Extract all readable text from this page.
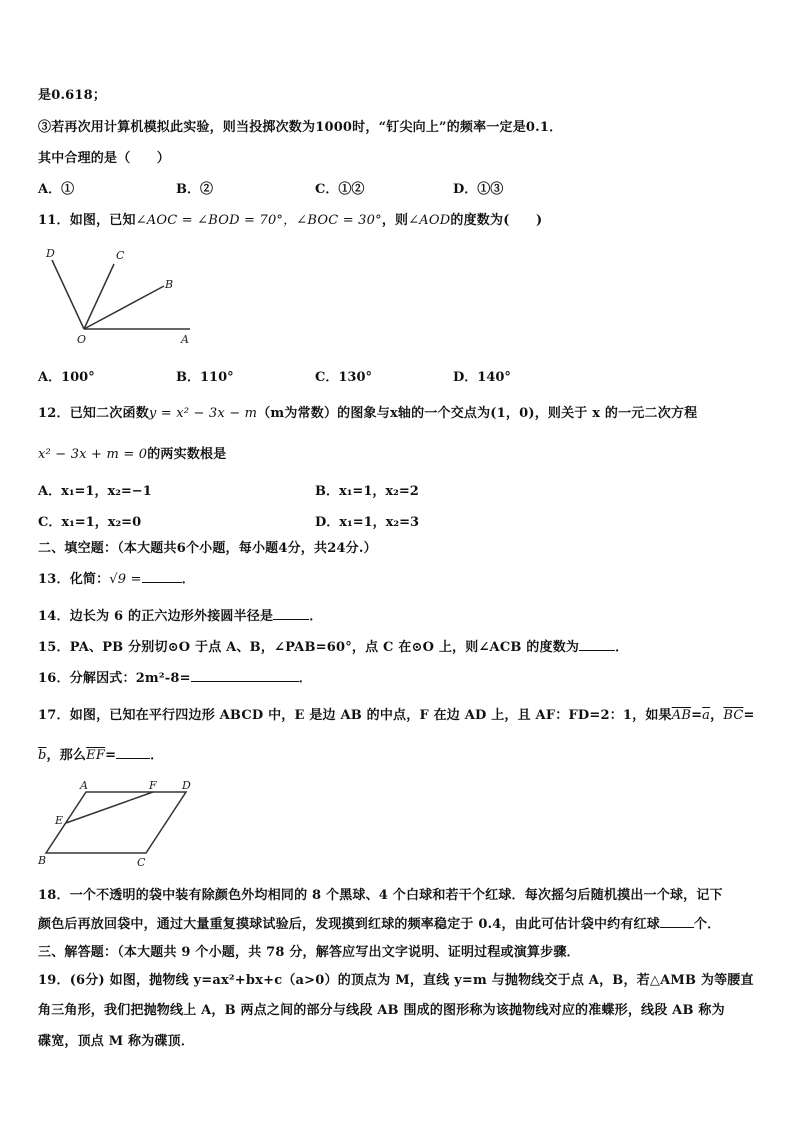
是0.618；
③若再次用计算机模拟此实验，则当投掷次数为1000时，“钉尖向上”的频率一定是0.1．
其中合理的是（　　）
A．①	B．②	C．①②	D．①③
11．如图，已知∠AOC = ∠BOD = 70°，∠BOC = 30°，则∠AOD的度数为(　　)
D	C
B
O	A
A．100°	B．110°	C．130°	D．140°
12．已知二次函数y = x² − 3x − m（m为常数）的图象与x轴的一个交点为(1，0)，则关于 x 的一元二次方程
x² − 3x + m = 0的两实数根是
A．x₁=1，x₂=−1	B．x₁=1，x₂=2
C．x₁=1，x₂=0	D．x₁=1，x₂=3
二、填空题：（本大题共6个小题，每小题4分，共24分.）
13．化简：√9 =	．
14．边长为 6 的正六边形外接圆半径是	．
15．PA、PB 分别切⊙O 于点 A、B，∠PAB=60°，点 C 在⊙O 上，则∠ACB 的度数为	．
16．分解因式：2m²-8=	．
17．如图，已知在平行四边形 ABCD 中，E 是边 AB 的中点，F 在边 AD 上，且 AF：FD=2：1，如果$\overline{AB}=\overline{a}$，$\overline{BC}=$
$\overline{b}$，那么$\overline{EF}=$	．
A	F D
E
B	C
18．一个不透明的袋中装有除颜色外均相同的 8 个黑球、4 个白球和若干个红球．每次摇匀后随机摸出一个球，记下
颜色后再放回袋中，通过大量重复摸球试验后，发现摸到红球的频率稳定于 0.4，由此可估计袋中约有红球	个．
三、解答题：（本大题共 9 个小题，共 78 分，解答应写出文字说明、证明过程或演算步骤．
19．(6分) 如图，抛物线 y=ax²+bx+c（a>0）的顶点为 M，直线 y=m 与抛物线交于点 A，B，若△AMB 为等腰直
角三角形，我们把抛物线上 A，B 两点之间的部分与线段 AB 围成的图形称为该抛物线对应的准蝶形，线段 AB 称为
碟宽，顶点 M 称为碟顶．
